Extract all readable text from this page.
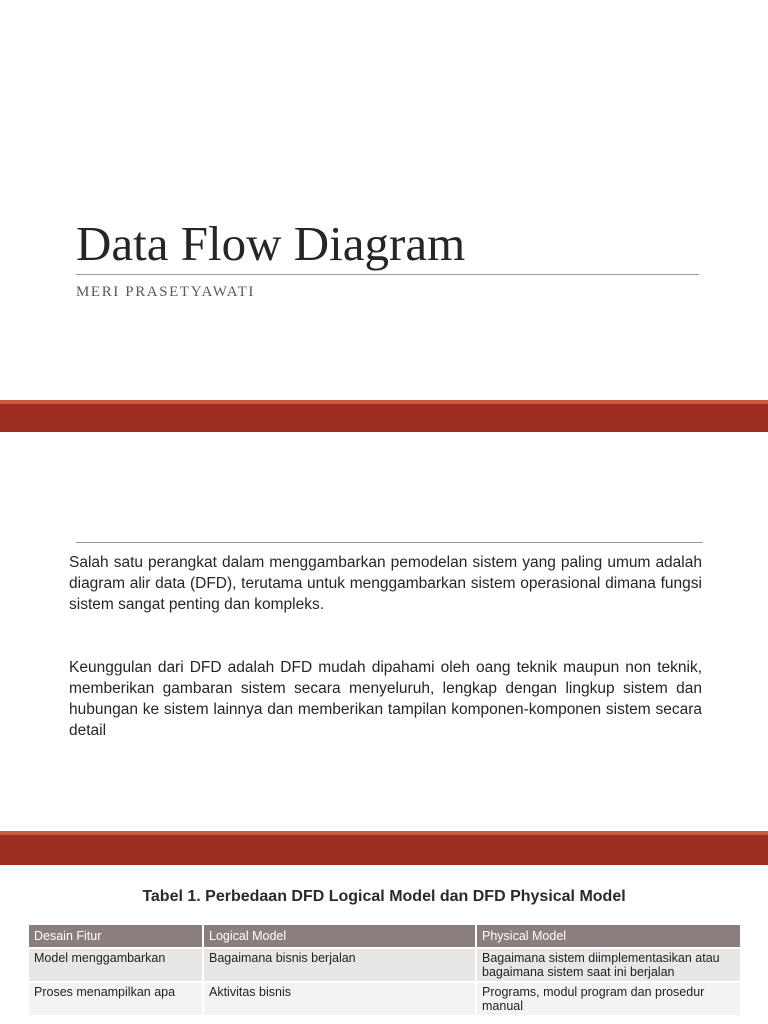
Data Flow Diagram
MERI PRASETYAWATI
Salah satu perangkat dalam menggambarkan pemodelan sistem yang paling umum adalah diagram alir data (DFD), terutama untuk menggambarkan sistem operasional dimana fungsi sistem sangat penting dan kompleks.
Keunggulan dari DFD adalah DFD mudah dipahami oleh oang teknik maupun non teknik, memberikan gambaran sistem secara menyeluruh, lengkap dengan lingkup sistem dan hubungan ke sistem lainnya dan memberikan tampilan komponen-komponen sistem secara detail
Tabel 1. Perbedaan DFD Logical Model dan DFD Physical Model
Desain Fitur	Logical Model	Physical Model
Model menggambarkan	Bagaimana bisnis berjalan	Bagaimana sistem diimplementasikan atau bagaimana sistem saat ini berjalan
Proses menampilkan apa	Aktivitas bisnis	Programs, modul program dan prosedur manual
